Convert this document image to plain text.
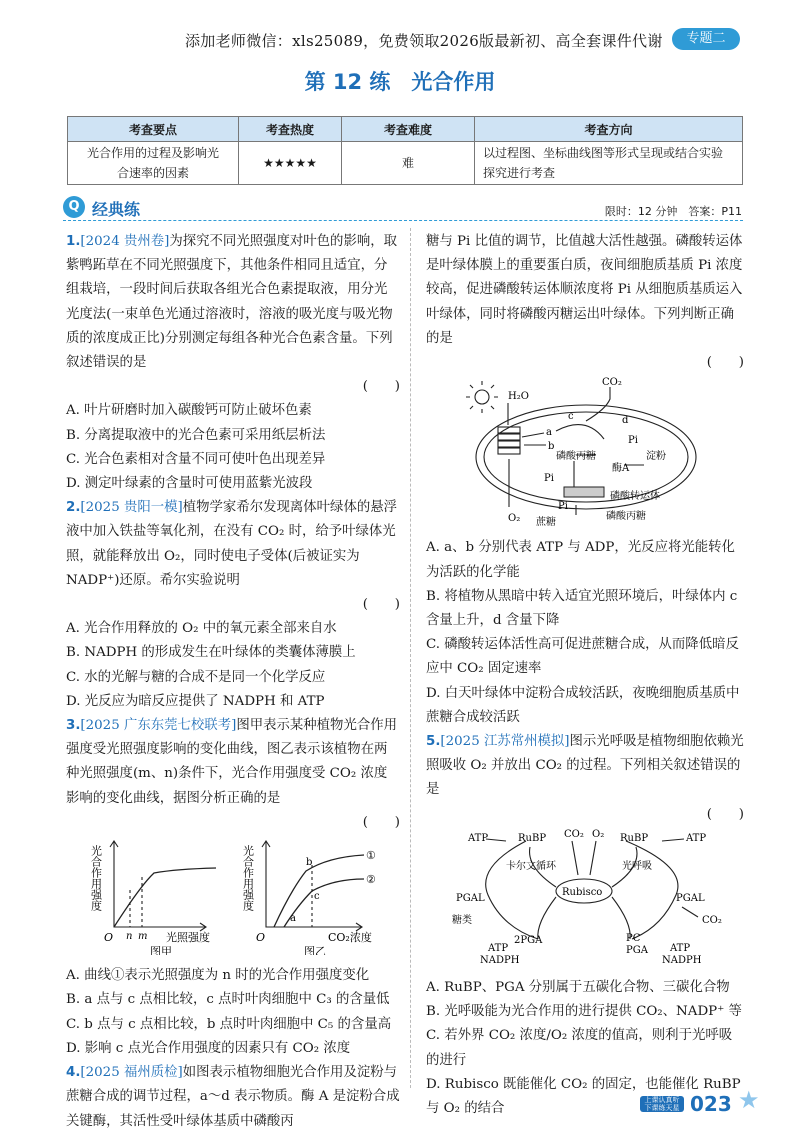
添加老师微信：xls25089，免费领取2026版最新初、高全套课件代谢	专题二
第 12 练　光合作用
考查要点	考查热度	考查难度	考查方向
光合作用的过程及影响光合速率的因素	★★★★★	难	以过程图、坐标曲线图等形式呈现或结合实验探究进行考查
Q 经典练	限时：12 分钟　答案：P11
1.[2024 贵州卷]为探究不同光照强度对叶色的影响，取紫鸭跖草在不同光照强度下，其他条件相同且适宜，分组栽培，一段时间后获取各组光合色素提取液，用分光光度法(一束单色光通过溶液时，溶液的吸光度与吸光物质的浓度成正比)分别测定每组各种光合色素含量。下列叙述错误的是
(　　)
A. 叶片研磨时加入碳酸钙可防止破坏色素
B. 分离提取液中的光合色素可采用纸层析法
C. 光合色素相对含量不同可使叶色出现差异
D. 测定叶绿素的含量时可使用蓝紫光波段
2.[2025 贵阳一模]植物学家希尔发现离体叶绿体的悬浮液中加入铁盐等氧化剂，在没有 CO₂ 时，给予叶绿体光照，就能释放出 O₂，同时使电子受体(后被证实为 NADP⁺)还原。希尔实验说明
(　　)
A. 光合作用释放的 O₂ 中的氧元素全部来自水
B. NADPH 的形成发生在叶绿体的类囊体薄膜上
C. 水的光解与糖的合成不是同一个化学反应
D. 光反应为暗反应提供了 NADPH 和 ATP
3.[2025 广东东莞七校联考]图甲表示某种植物光合作用强度受光照强度影响的变化曲线，图乙表示该植物在两种光照强度(m、n)条件下，光合作用强度受 CO₂ 浓度影响的变化曲线，据图分析正确的是
(　　)
光合作用强度
O n m 光照强度
图甲
光合作用强度
O
a
b
c
①
②
CO₂浓度
图乙
A. 曲线①表示光照强度为 n 时的光合作用强度变化
B. a 点与 c 点相比较，c 点时叶肉细胞中 C₃ 的含量低
C. b 点与 c 点相比较，b 点时叶肉细胞中 C₅ 的含量高
D. 影响 c 点光合作用强度的因素只有 CO₂ 浓度
4.[2025 福州质检]如图表示植物细胞光合作用及淀粉与蔗糖合成的调节过程，a～d 表示物质。酶 A 是淀粉合成关键酶，其活性受叶绿体基质中磷酸丙
糖与 Pi 比值的调节，比值越大活性越强。磷酸转运体是叶绿体膜上的重要蛋白质，夜间细胞质基质 Pi 浓度较高，促进磷酸转运体顺浓度将 Pi 从细胞质基质运入叶绿体，同时将磷酸丙糖运出叶绿体。下列判断正确的是
(　　)
H₂O
CO₂
a
b
c	d
Pi
磷酸丙糖	淀粉
酶A
Pi
磷酸转运体
Pi
O₂ 蔗糖
磷酸丙糖
A. a、b 分别代表 ATP 与 ADP，光反应将光能转化为活跃的化学能
B. 将植物从黑暗中转入适宜光照环境后，叶绿体内 c 含量上升，d 含量下降
C. 磷酸转运体活性高可促进蔗糖合成，从而降低暗反应中 CO₂ 固定速率
D. 白天叶绿体中淀粉合成较活跃，夜晚细胞质基质中蔗糖合成较活跃
5.[2025 江苏常州模拟]图示光呼吸是植物细胞依赖光照吸收 O₂ 并放出 CO₂ 的过程。下列相关叙述错误的是
(　　)
ATP	RuBP CO₂ O₂ RuBP	ATP
卡尔文循环	光呼吸
Rubisco
PGAL	PGAL
糖类	CO₂
2PGA	PC
PGA
ATP
NADPH
ATP
NADPH
A. RuBP、PGA 分别属于五碳化合物、三碳化合物
B. 光呼吸能为光合作用的进行提供 CO₂、NADP⁺ 等
C. 若外界 CO₂ 浓度/O₂ 浓度的值高，则利于光呼吸的进行
D. Rubisco 既能催化 CO₂ 的固定，也能催化 RuBP 与 O₂ 的结合
上课认真听 下课练天星 023 ★
